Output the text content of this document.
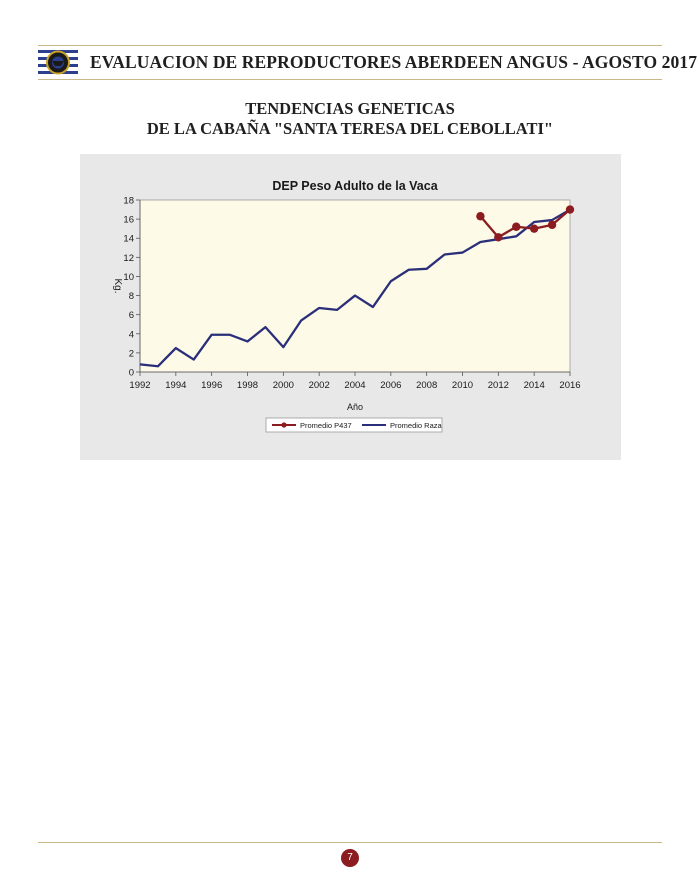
EVALUACION DE REPRODUCTORES ABERDEEN ANGUS - AGOSTO 2017
TENDENCIAS GENETICAS
DE LA CABAÑA "SANTA TERESA DEL CEBOLLATI"
DEP Peso Adulto de la Vaca
0
2
4
6
8
10
12
14
16
18
1992 1994 1996 1998 2000 2002 2004 2006 2008 2010 2012 2014 2016
Kg.
Año
Promedio P437	Promedio Raza
7
